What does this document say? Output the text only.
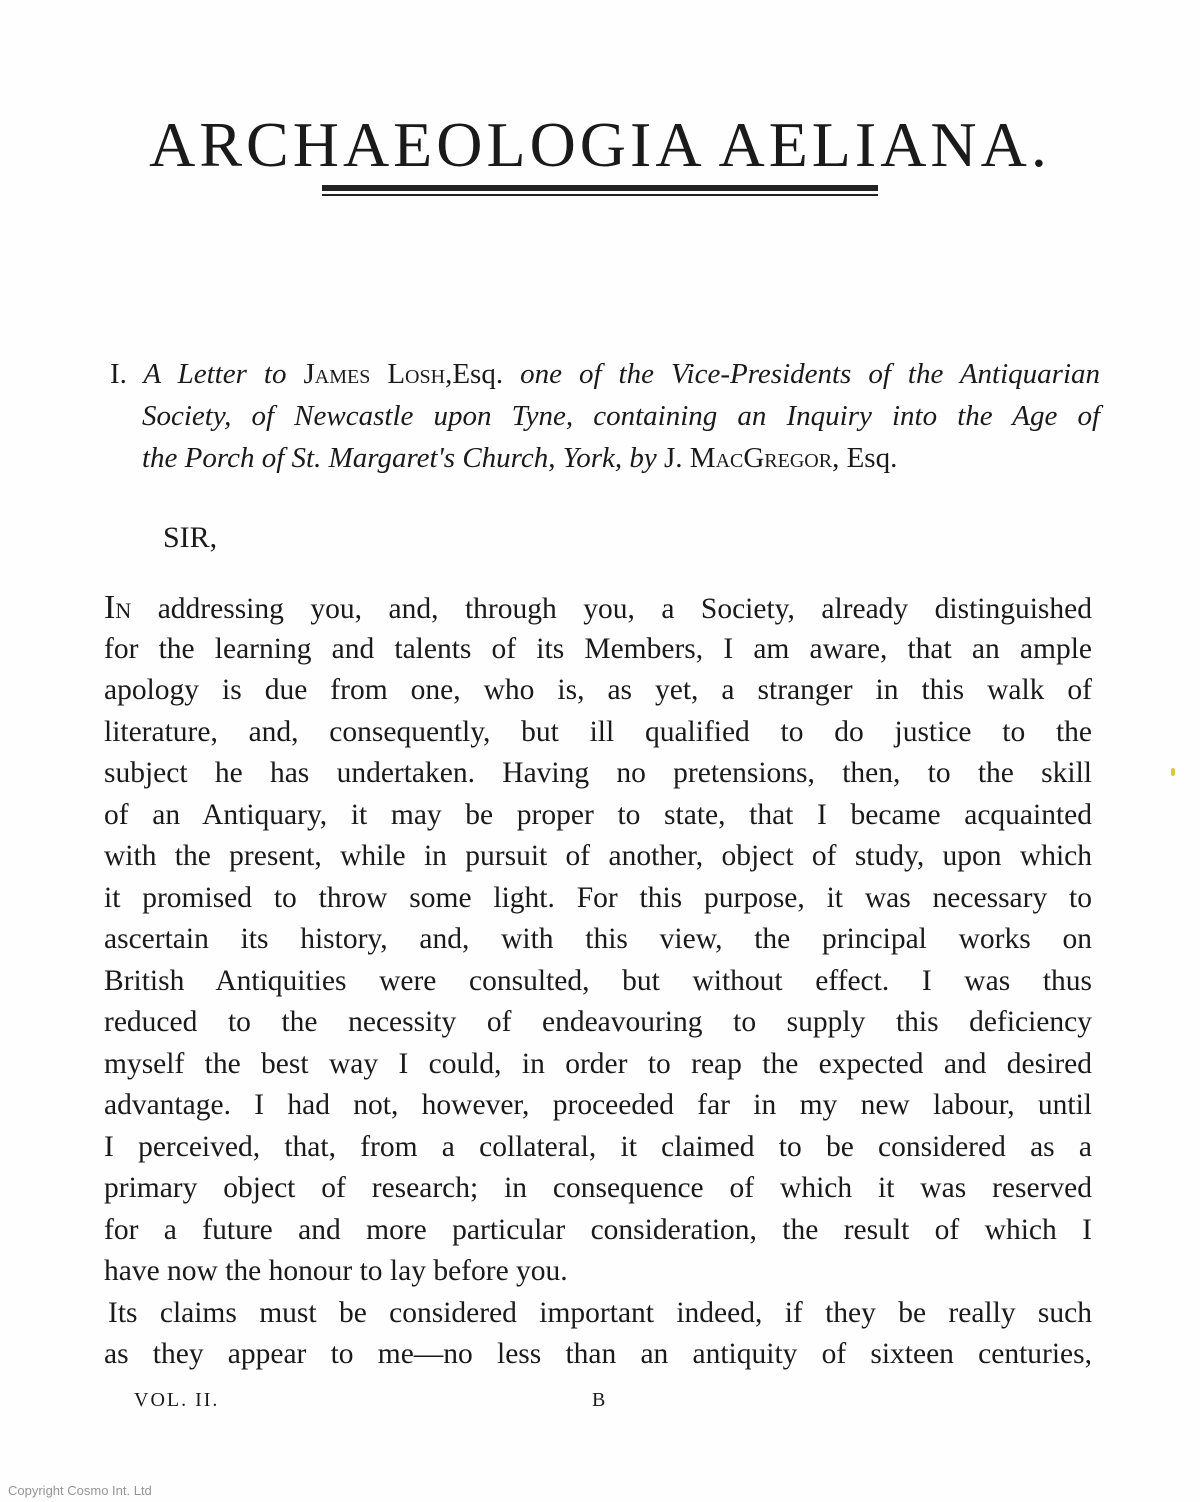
ARCHAEOLOGIA AELIANA.
I. A Letter to James Losh,Esq. one of the Vice-Presidents of the Antiquarian
Society, of Newcastle upon Tyne, containing an Inquiry into the Age of
the Porch of St. Margaret's Church, York, by J. MacGregor, Esq.
SIR,
IN addressing you, and, through you, a Society, already distinguished
for the learning and talents of its Members, I am aware, that an ample
apology is due from one, who is, as yet, a stranger in this walk of
literature, and, consequently, but ill qualified to do justice to the
subject he has undertaken. Having no pretensions, then, to the skill
of an Antiquary, it may be proper to state, that I became acquainted
with the present, while in pursuit of another, object of study, upon which
it promised to throw some light. For this purpose, it was necessary to
ascertain its history, and, with this view, the principal works on
British Antiquities were consulted, but without effect. I was thus
reduced to the necessity of endeavouring to supply this deficiency
myself the best way I could, in order to reap the expected and desired
advantage. I had not, however, proceeded far in my new labour, until
I perceived, that, from a collateral, it claimed to be considered as a
primary object of research; in consequence of which it was reserved
for a future and more particular consideration, the result of which I
have now the honour to lay before you.
Its claims must be considered important indeed, if they be really such
as they appear to me—no less than an antiquity of sixteen centuries,
VOL. II.	B
Copyright Cosmo Int. Ltd
